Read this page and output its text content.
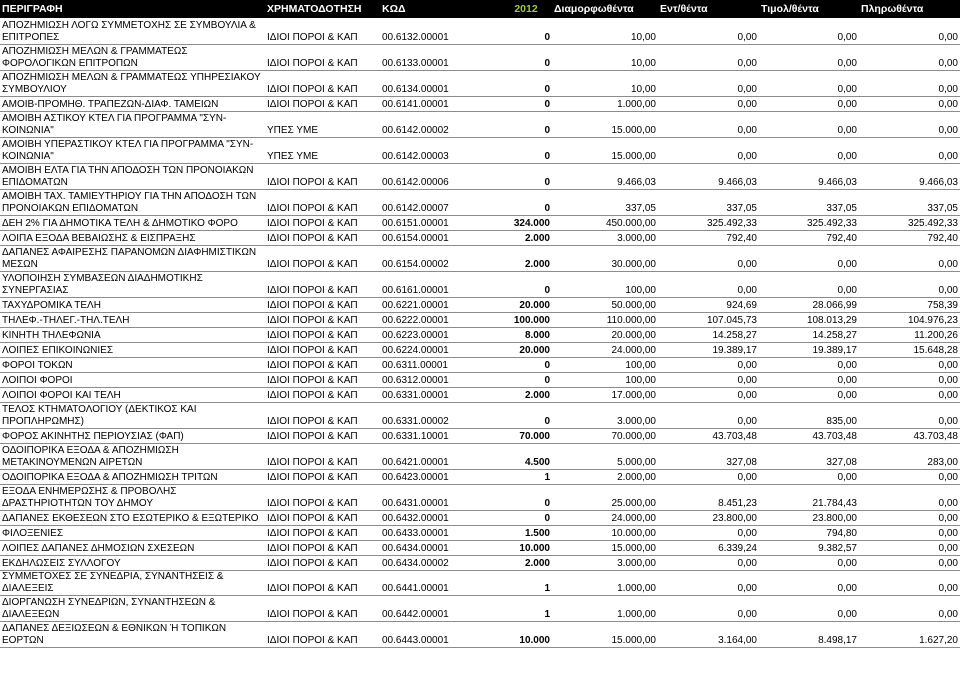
ΠΕΡΙΓΡΑΦΗ	ΧΡΗΜΑΤΟΔΟΤΗΣΗ	ΚΩΔ	2012	Διαμορφωθέντα	Εντ/θέντα	Τιμολ/θέντα	Πληρωθέντα
ΑΠΟΖΗΜΙΩΣΗ ΛΟΓΩ ΣΥΜΜΕΤΟΧΗΣ ΣΕ ΣΥΜΒΟΥΛΙΑ & ΕΠΙΤΡΟΠΕΣ	ΙΔΙΟΙ ΠΟΡΟΙ & ΚΑΠ	00.6132.00001	0	10,00	0,00	0,00	0,00
ΑΠΟΖΗΜΙΩΣΗ ΜΕΛΩΝ & ΓΡΑΜΜΑΤΕΩΣ ΦΟΡΟΛΟΓΙΚΩΝ ΕΠΙΤΡΟΠΩΝ	ΙΔΙΟΙ ΠΟΡΟΙ & ΚΑΠ	00.6133.00001	0	10,00	0,00	0,00	0,00
ΑΠΟΖΗΜΙΩΣΗ ΜΕΛΩΝ & ΓΡΑΜΜΑΤΕΩΣ ΥΠΗΡΕΣΙΑΚΟΥ ΣΥΜΒΟΥΛΙΟΥ	ΙΔΙΟΙ ΠΟΡΟΙ & ΚΑΠ	00.6134.00001	0	10,00	0,00	0,00	0,00
ΑΜΟΙΒ-ΠΡΟΜΗΘ. ΤΡΑΠΕΖΩΝ-ΔΙΑΦ. ΤΑΜΕΙΩΝ	ΙΔΙΟΙ ΠΟΡΟΙ & ΚΑΠ	00.6141.00001	0	1.000,00	0,00	0,00	0,00
ΑΜΟΙΒΗ ΑΣΤΙΚΟΥ ΚΤΕΛ ΓΙΑ ΠΡΟΓΡΑΜΜΑ "ΣΥΝ-ΚΟΙΝΩΝΙΑ"	ΥΠΕΣ ΥΜΕ	00.6142.00002	0	15.000,00	0,00	0,00	0,00
ΑΜΟΙΒΗ ΥΠΕΡΑΣΤΙΚΟΥ ΚΤΕΛ ΓΙΑ ΠΡΟΓΡΑΜΜΑ "ΣΥΝ-ΚΟΙΝΩΝΙΑ"	ΥΠΕΣ ΥΜΕ	00.6142.00003	0	15.000,00	0,00	0,00	0,00
ΑΜΟΙΒΗ ΕΛΤΑ ΓΙΑ ΤΗΝ ΑΠΟΔΟΣΗ ΤΩΝ ΠΡΟΝΟΙΑΚΩΝ ΕΠΙΔΟΜΑΤΩΝ	ΙΔΙΟΙ ΠΟΡΟΙ & ΚΑΠ	00.6142.00006	0	9.466,03	9.466,03	9.466,03	9.466,03
ΑΜΟΙΒΗ ΤΑΧ. ΤΑΜΙΕΥΤΗΡΙΟΥ ΓΙΑ ΤΗΝ ΑΠΟΔΟΣΗ ΤΩΝ ΠΡΟΝΟΙΑΚΩΝ ΕΠΙΔΟΜΑΤΩΝ	ΙΔΙΟΙ ΠΟΡΟΙ & ΚΑΠ	00.6142.00007	0	337,05	337,05	337,05	337,05
ΔΕΗ 2% ΓΙΑ ΔΗΜΟΤΙΚΑ ΤΕΛΗ & ΔΗΜΟΤΙΚΟ ΦΟΡΟ	ΙΔΙΟΙ ΠΟΡΟΙ & ΚΑΠ	00.6151.00001	324.000	450.000,00	325.492,33	325.492,33	325.492,33
ΛΟΙΠΑ ΕΞΟΔΑ ΒΕΒΑΙΩΣΗΣ & ΕΙΣΠΡΑΞΗΣ	ΙΔΙΟΙ ΠΟΡΟΙ & ΚΑΠ	00.6154.00001	2.000	3.000,00	792,40	792,40	792,40
ΔΑΠΑΝΕΣ ΑΦΑΙΡΕΣΗΣ ΠΑΡΑΝΟΜΩΝ ΔΙΑΦΗΜΙΣΤΙΚΩΝ ΜΕΣΩΝ	ΙΔΙΟΙ ΠΟΡΟΙ & ΚΑΠ	00.6154.00002	2.000	30.000,00	0,00	0,00	0,00
ΥΛΟΠΟΙΗΣΗ ΣΥΜΒΑΣΕΩΝ ΔΙΑΔΗΜΟΤΙΚΗΣ ΣΥΝΕΡΓΑΣΙΑΣ	ΙΔΙΟΙ ΠΟΡΟΙ & ΚΑΠ	00.6161.00001	0	100,00	0,00	0,00	0,00
ΤΑΧΥΔΡΟΜΙΚΑ ΤΕΛΗ	ΙΔΙΟΙ ΠΟΡΟΙ & ΚΑΠ	00.6221.00001	20.000	50.000,00	924,69	28.066,99	758,39
ΤΗΛΕΦ.-ΤΗΛΕΓ.-ΤΗΛ.ΤΕΛΗ	ΙΔΙΟΙ ΠΟΡΟΙ & ΚΑΠ	00.6222.00001	100.000	110.000,00	107.045,73	108.013,29	104.976,23
ΚΙΝΗΤΗ ΤΗΛΕΦΩΝΙΑ	ΙΔΙΟΙ ΠΟΡΟΙ & ΚΑΠ	00.6223.00001	8.000	20.000,00	14.258,27	14.258,27	11.200,26
ΛΟΙΠΕΣ ΕΠΙΚΟΙΝΩΝΙΕΣ	ΙΔΙΟΙ ΠΟΡΟΙ & ΚΑΠ	00.6224.00001	20.000	24.000,00	19.389,17	19.389,17	15.648,28
ΦΟΡΟΙ ΤΟΚΩΝ	ΙΔΙΟΙ ΠΟΡΟΙ & ΚΑΠ	00.6311.00001	0	100,00	0,00	0,00	0,00
ΛΟΙΠΟΙ ΦΟΡΟΙ	ΙΔΙΟΙ ΠΟΡΟΙ & ΚΑΠ	00.6312.00001	0	100,00	0,00	0,00	0,00
ΛΟΙΠΟΙ ΦΟΡΟΙ ΚΑΙ ΤΕΛΗ	ΙΔΙΟΙ ΠΟΡΟΙ & ΚΑΠ	00.6331.00001	2.000	17.000,00	0,00	0,00	0,00
ΤΕΛΟΣ ΚΤΗΜΑΤΟΛΟΓΙΟΥ (ΔΕΚΤΙΚΟΣ ΚΑΙ ΠΡΟΠΛΗΡΩΜΗΣ)	ΙΔΙΟΙ ΠΟΡΟΙ & ΚΑΠ	00.6331.00002	0	3.000,00	0,00	835,00	0,00
ΦΟΡΟΣ ΑΚΙΝΗΤΗΣ ΠΕΡΙΟΥΣΙΑΣ (ΦΑΠ)	ΙΔΙΟΙ ΠΟΡΟΙ & ΚΑΠ	00.6331.10001	70.000	70.000,00	43.703,48	43.703,48	43.703,48
ΟΔΟΙΠΟΡΙΚΑ ΕΞΟΔΑ & ΑΠΟΖΗΜΙΩΣΗ ΜΕΤΑΚΙΝΟΥΜΕΝΩΝ ΑΙΡΕΤΩΝ	ΙΔΙΟΙ ΠΟΡΟΙ & ΚΑΠ	00.6421.00001	4.500	5.000,00	327,08	327,08	283,00
ΟΔΟΙΠΟΡΙΚΑ ΕΞΟΔΑ & ΑΠΟΖΗΜΙΩΣΗ ΤΡΙΤΩΝ	ΙΔΙΟΙ ΠΟΡΟΙ & ΚΑΠ	00.6423.00001	1	2.000,00	0,00	0,00	0,00
ΕΞΟΔΑ ΕΝΗΜΕΡΩΣΗΣ & ΠΡΟΒΟΛΗΣ ΔΡΑΣΤΗΡΙΟΤΗΤΩΝ ΤΟΥ ΔΗΜΟΥ	ΙΔΙΟΙ ΠΟΡΟΙ & ΚΑΠ	00.6431.00001	0	25.000,00	8.451,23	21.784,43	0,00
ΔΑΠΑΝΕΣ ΕΚΘΕΣΕΩΝ ΣΤΟ ΕΣΩΤΕΡΙΚΟ & ΕΞΩΤΕΡΙΚΟ	ΙΔΙΟΙ ΠΟΡΟΙ & ΚΑΠ	00.6432.00001	0	24.000,00	23.800,00	23.800,00	0,00
ΦΙΛΟΞΕΝΙΕΣ	ΙΔΙΟΙ ΠΟΡΟΙ & ΚΑΠ	00.6433.00001	1.500	10.000,00	0,00	794,80	0,00
ΛΟΙΠΕΣ ΔΑΠΑΝΕΣ ΔΗΜΟΣΙΩΝ ΣΧΕΣΕΩΝ	ΙΔΙΟΙ ΠΟΡΟΙ & ΚΑΠ	00.6434.00001	10.000	15.000,00	6.339,24	9.382,57	0,00
ΕΚΔΗΛΩΣΕΙΣ ΣΥΛΛΟΓΟΥ	ΙΔΙΟΙ ΠΟΡΟΙ & ΚΑΠ	00.6434.00002	2.000	3.000,00	0,00	0,00	0,00
ΣΥΜΜΕΤΟΧΕΣ ΣΕ ΣΥΝΕΔΡΙΑ, ΣΥΝΑΝΤΗΣΕΙΣ & ΔΙΑΛΕΞΕΙΣ	ΙΔΙΟΙ ΠΟΡΟΙ & ΚΑΠ	00.6441.00001	1	1.000,00	0,00	0,00	0,00
ΔΙΟΡΓΑΝΩΣΗ ΣΥΝΕΔΡΙΩΝ, ΣΥΝΑΝΤΗΣΕΩΝ & ΔΙΑΛΕΞΕΩΝ	ΙΔΙΟΙ ΠΟΡΟΙ & ΚΑΠ	00.6442.00001	1	1.000,00	0,00	0,00	0,00
ΔΑΠΑΝΕΣ ΔΕΞΙΩΣΕΩΝ & ΕΘΝΙΚΩΝ Ή ΤΟΠΙΚΩΝ ΕΟΡΤΩΝ	ΙΔΙΟΙ ΠΟΡΟΙ & ΚΑΠ	00.6443.00001	10.000	15.000,00	3.164,00	8.498,17	1.627,20
